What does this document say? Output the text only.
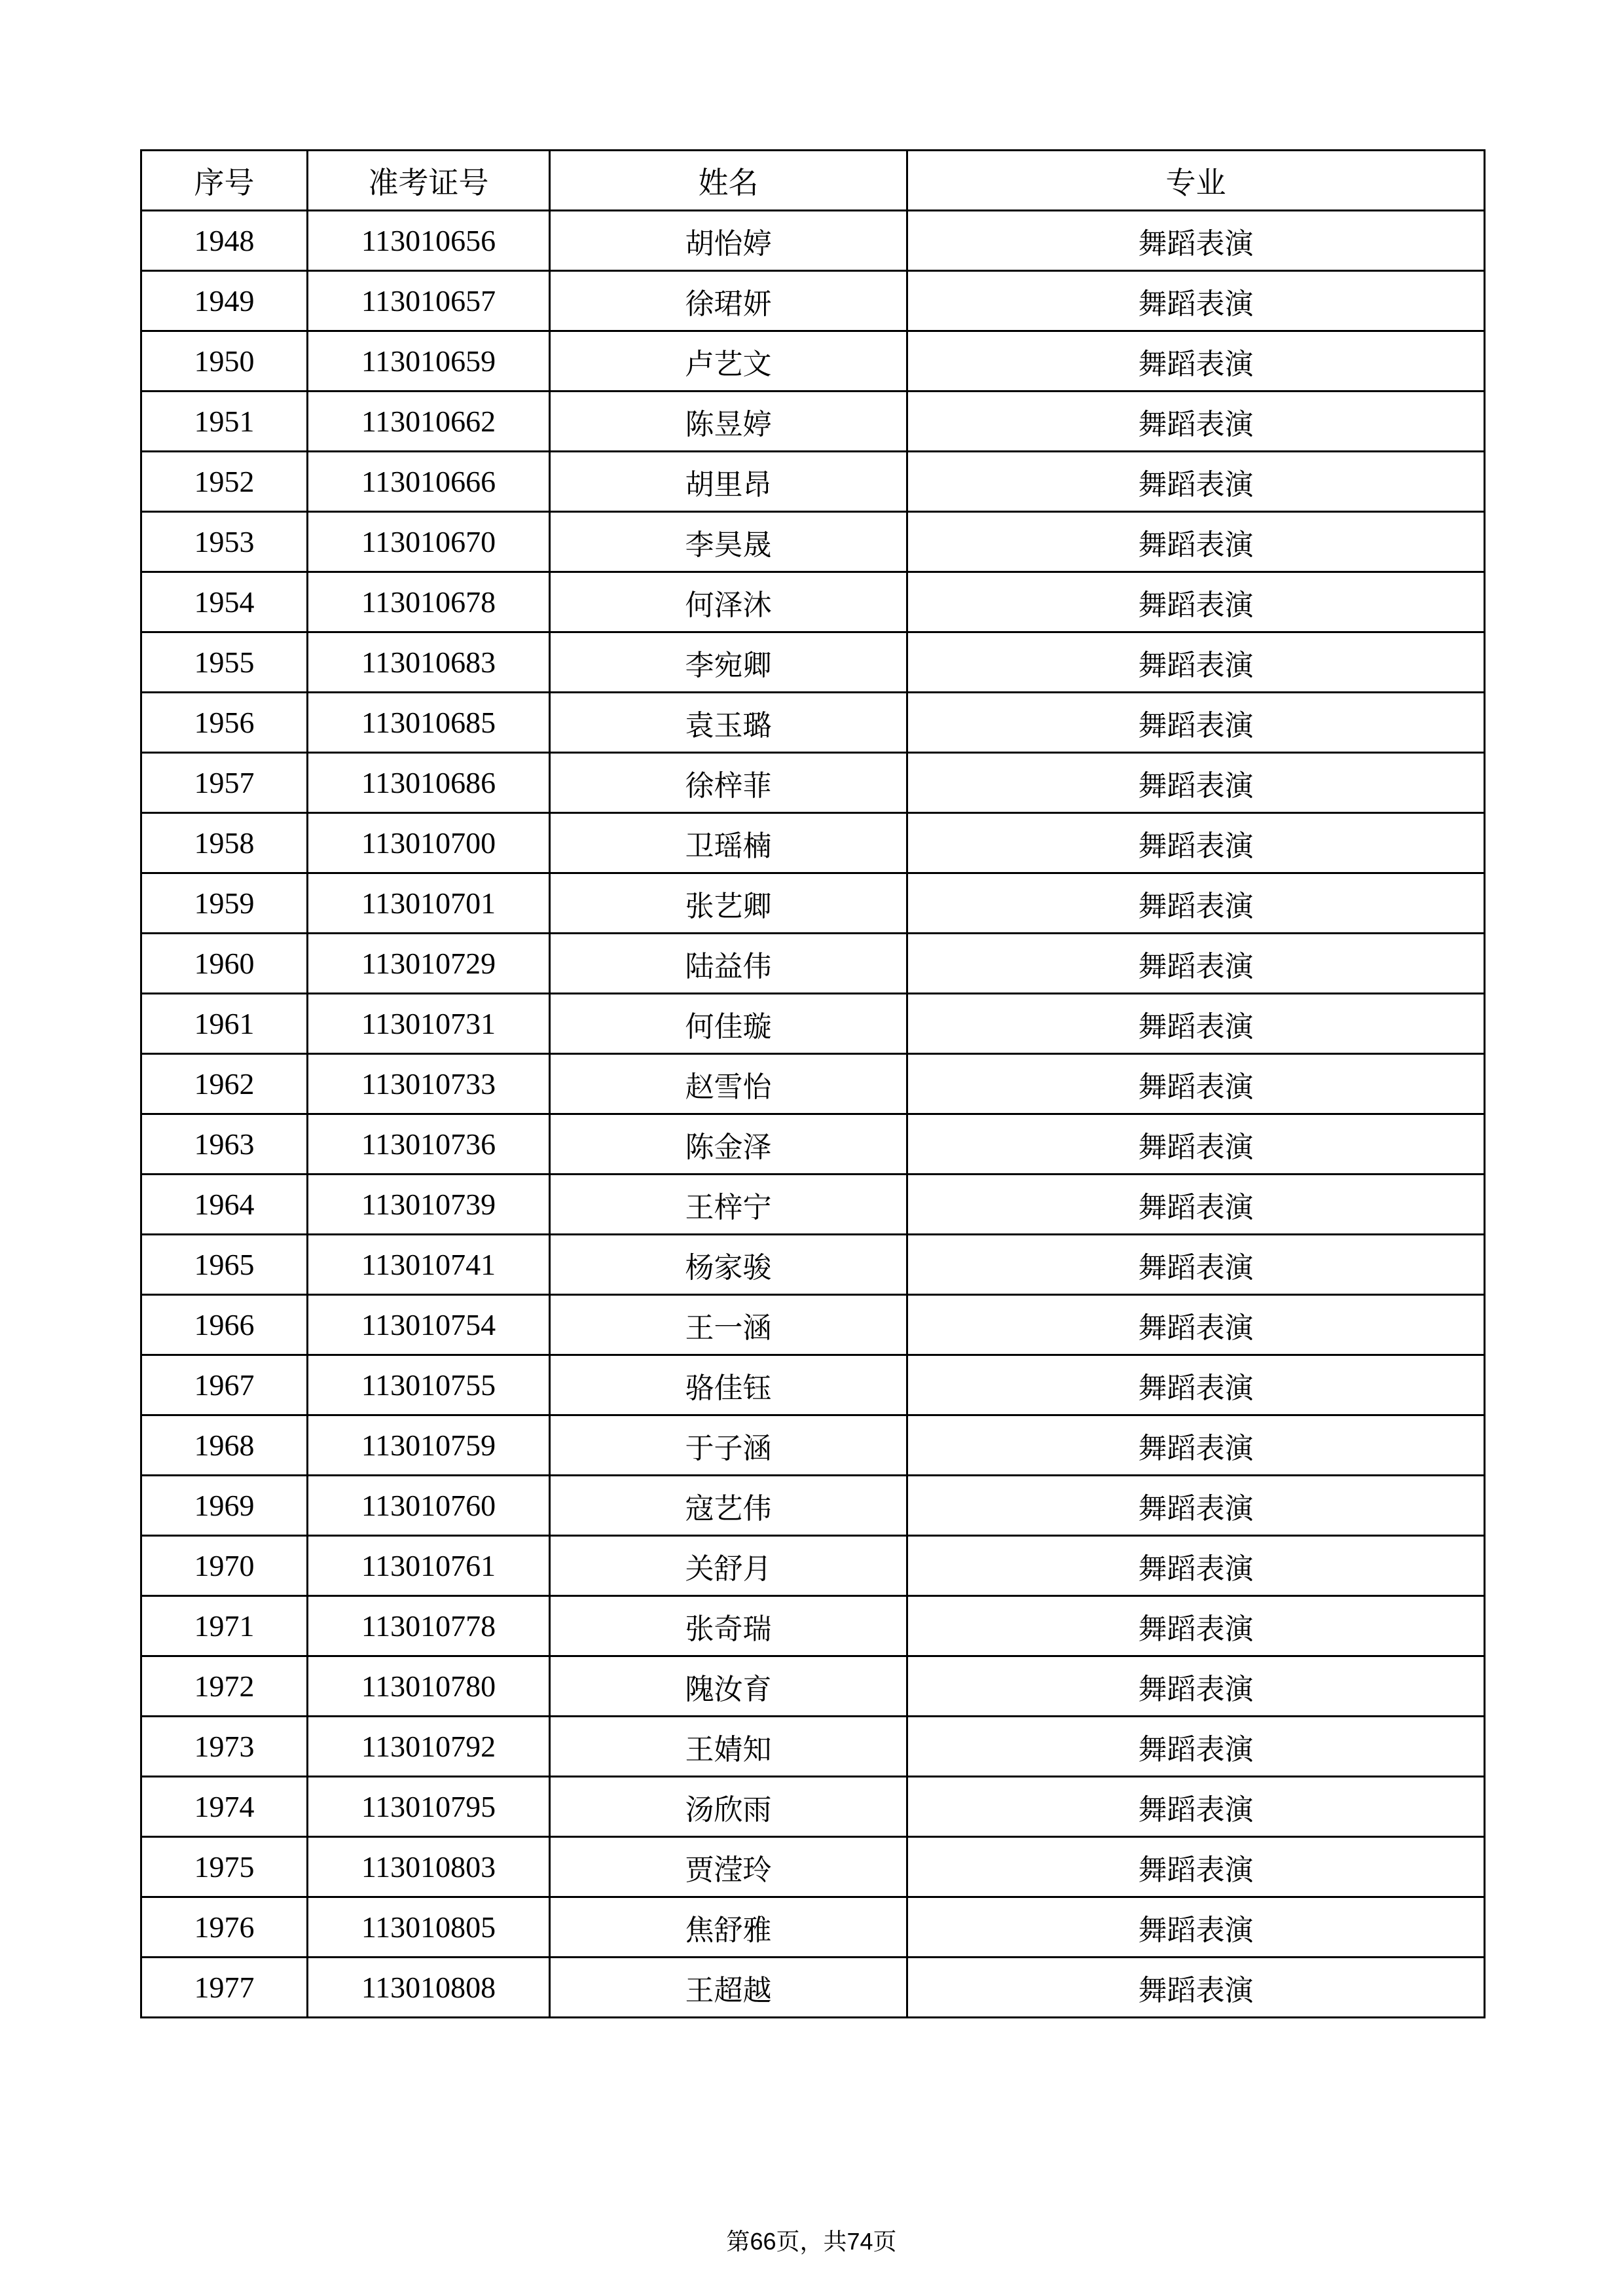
序号	准考证号	姓名	专业
1948	113010656	胡怡婷	舞蹈表演
1949	113010657	徐珺妍	舞蹈表演
1950	113010659	卢艺文	舞蹈表演
1951	113010662	陈昱婷	舞蹈表演
1952	113010666	胡里昂	舞蹈表演
1953	113010670	李昊晟	舞蹈表演
1954	113010678	何泽沐	舞蹈表演
1955	113010683	李宛卿	舞蹈表演
1956	113010685	袁玉璐	舞蹈表演
1957	113010686	徐梓菲	舞蹈表演
1958	113010700	卫瑶楠	舞蹈表演
1959	113010701	张艺卿	舞蹈表演
1960	113010729	陆益伟	舞蹈表演
1961	113010731	何佳璇	舞蹈表演
1962	113010733	赵雪怡	舞蹈表演
1963	113010736	陈金泽	舞蹈表演
1964	113010739	王梓宁	舞蹈表演
1965	113010741	杨家骏	舞蹈表演
1966	113010754	王一涵	舞蹈表演
1967	113010755	骆佳钰	舞蹈表演
1968	113010759	于子涵	舞蹈表演
1969	113010760	寇艺伟	舞蹈表演
1970	113010761	关舒月	舞蹈表演
1971	113010778	张奇瑞	舞蹈表演
1972	113010780	隗汝育	舞蹈表演
1973	113010792	王婧知	舞蹈表演
1974	113010795	汤欣雨	舞蹈表演
1975	113010803	贾滢玲	舞蹈表演
1976	113010805	焦舒雅	舞蹈表演
1977	113010808	王超越	舞蹈表演
第66页，共74页
